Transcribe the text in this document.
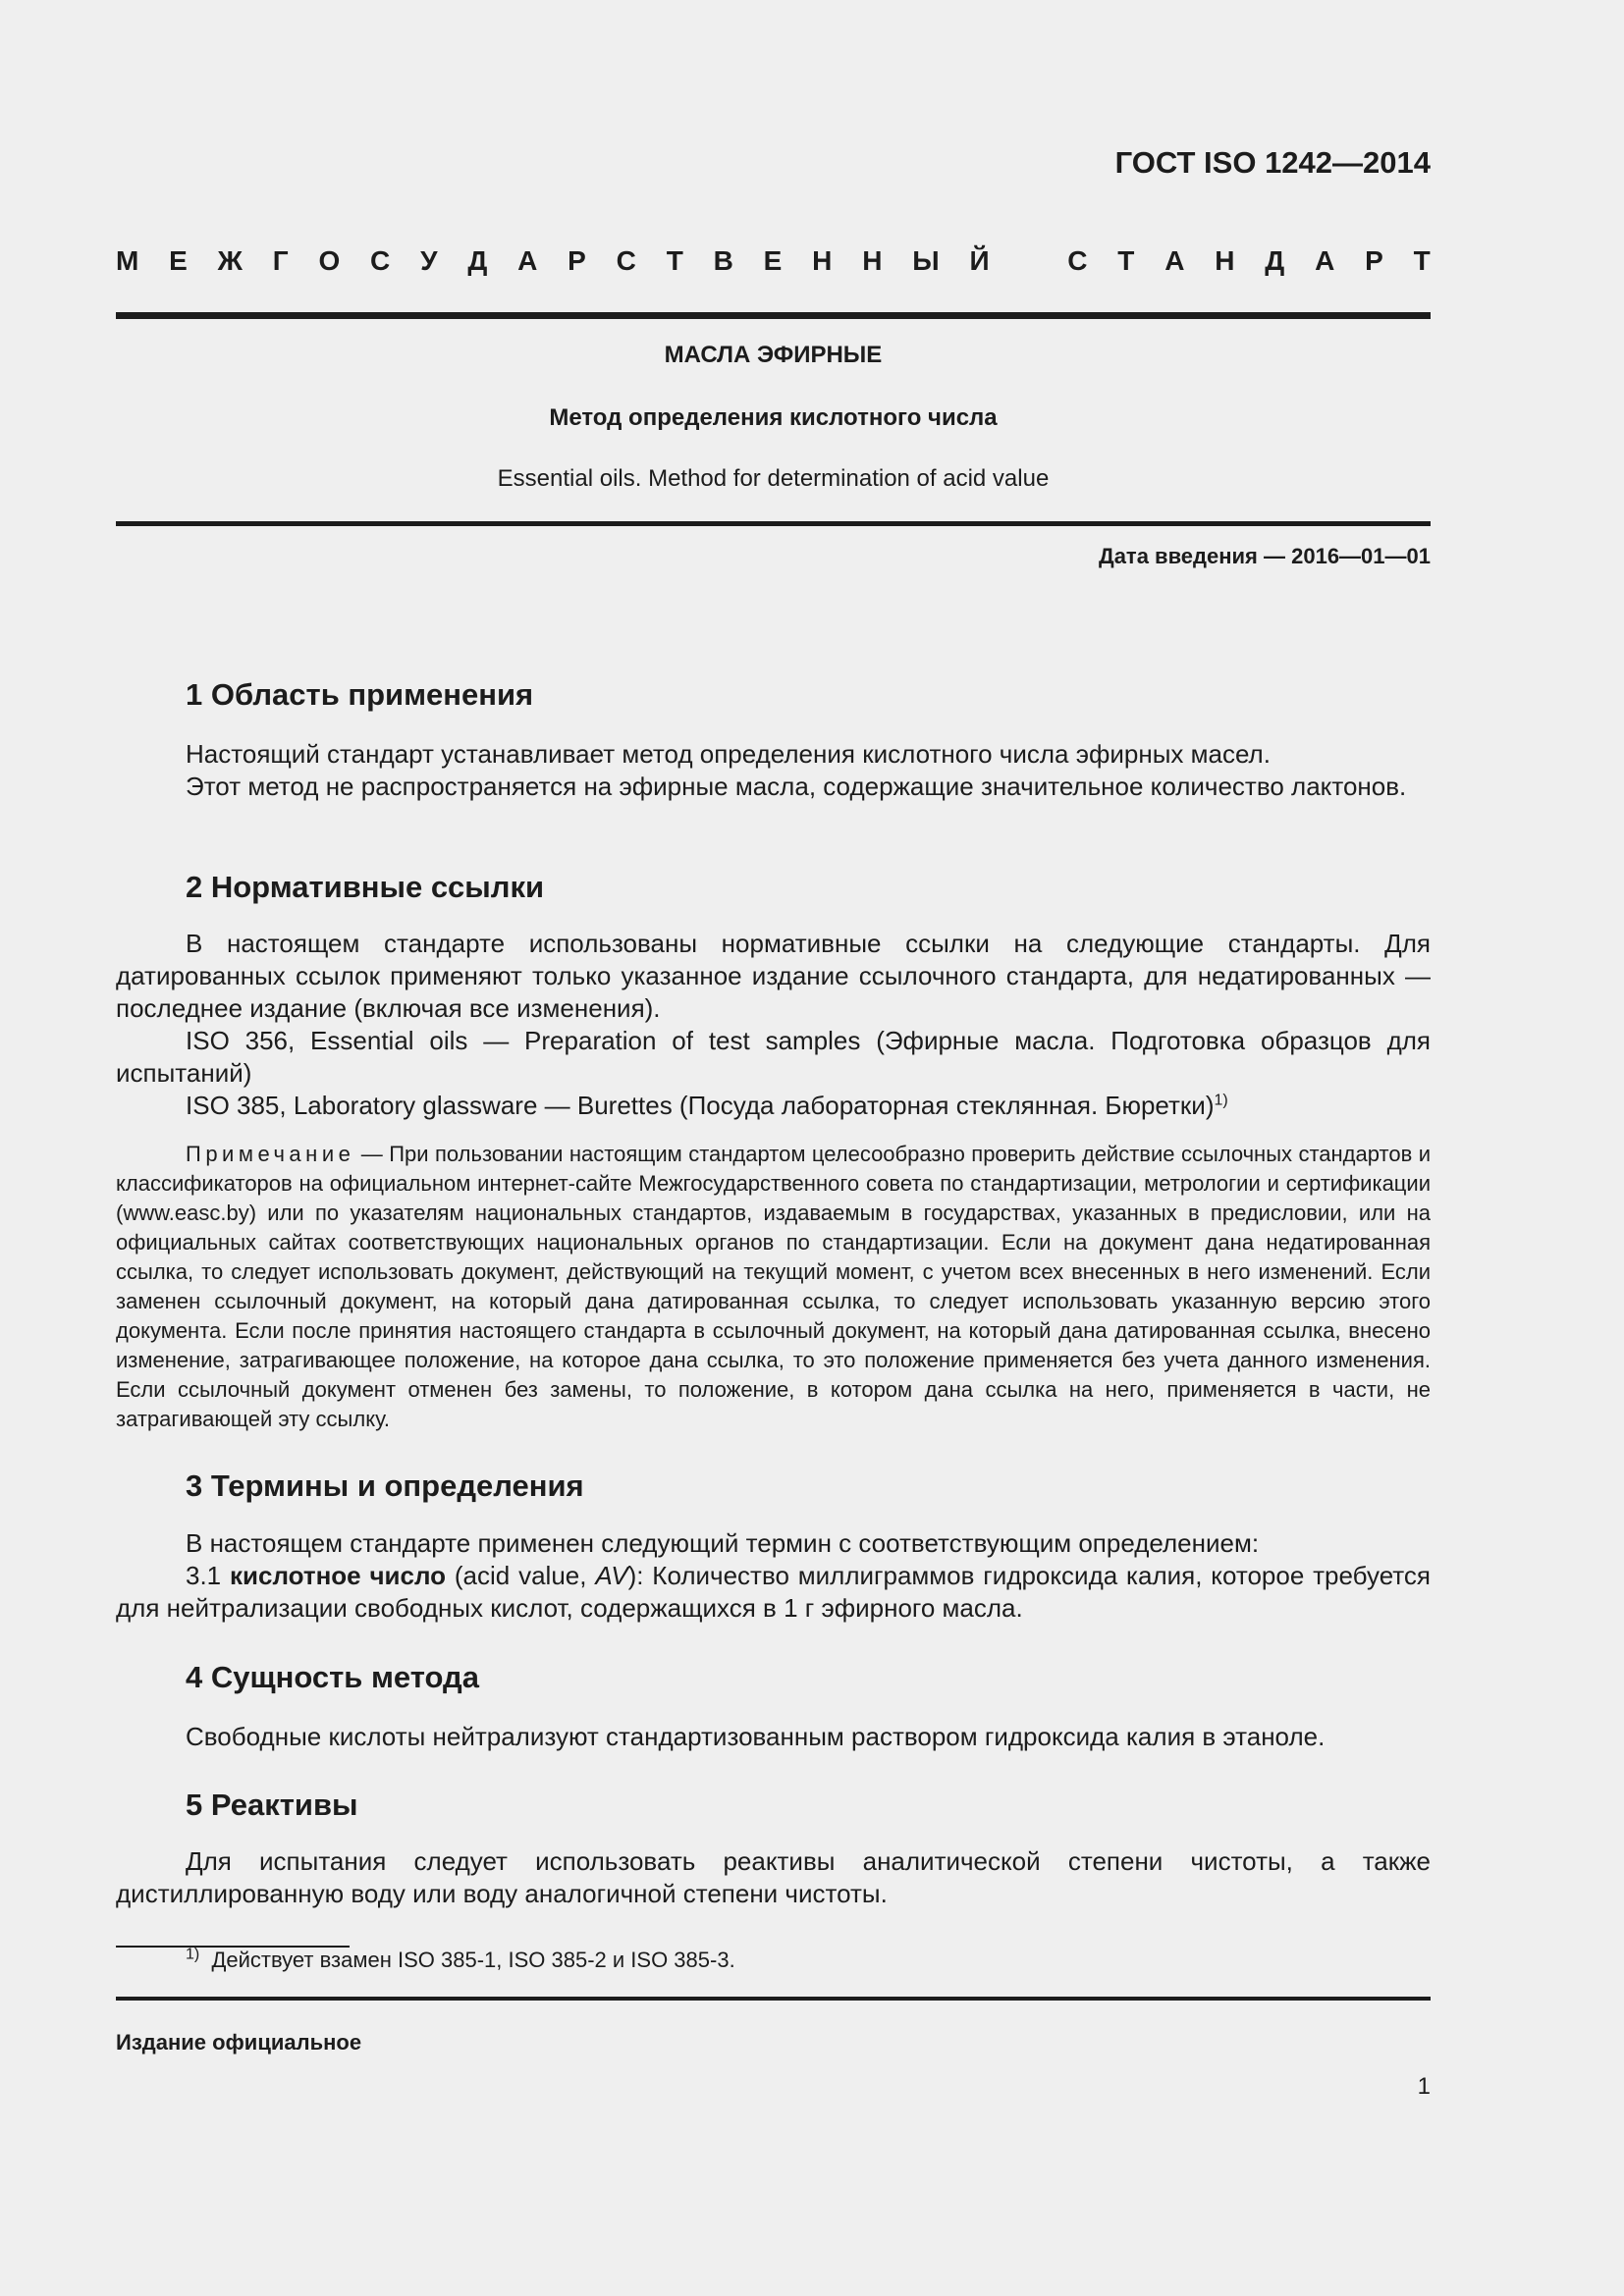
ГОСТ ISO 1242—2014
М Е Ж Г О С У Д А Р С Т В Е Н Н Ы Й	С Т А Н Д А Р Т
МАСЛА ЭФИРНЫЕ
Метод определения кислотного числа
Essential oils. Method for determination of acid value
Дата введения — 2016—01—01
1 Область применения
Настоящий стандарт устанавливает метод определения кислотного числа эфирных масел.
Этот метод не распространяется на эфирные масла, содержащие значительное количество лактонов.
2 Нормативные ссылки
В настоящем стандарте использованы нормативные ссылки на следующие стандарты. Для датированных ссылок применяют только указанное издание ссылочного стандарта, для недатированных — последнее издание (включая все изменения).
ISO 356, Essential oils — Preparation of test samples (Эфирные масла. Подготовка образцов для испытаний)
ISO 385, Laboratory glassware — Burettes (Посуда лабораторная стеклянная. Бюретки)$^{1)}$
Примечание — При пользовании настоящим стандартом целесообразно проверить действие ссылочных стандартов и классификаторов на официальном интернет-сайте Межгосударственного совета по стандартизации, метрологии и сертификации (www.easc.by) или по указателям национальных стандартов, издаваемым в государствах, указанных в предисловии, или на официальных сайтах соответствующих национальных органов по стандартизации. Если на документ дана недатированная ссылка, то следует использовать документ, действующий на текущий момент, с учетом всех внесенных в него изменений. Если заменен ссылочный документ, на который дана датированная ссылка, то следует использовать указанную версию этого документа. Если после принятия настоящего стандарта в ссылочный документ, на который дана датированная ссылка, внесено изменение, затрагивающее положение, на которое дана ссылка, то это положение применяется без учета данного изменения. Если ссылочный документ отменен без замены, то положение, в котором дана ссылка на него, применяется в части, не затрагивающей эту ссылку.
3 Термины и определения
В настоящем стандарте применен следующий термин с соответствующим определением:
3.1 кислотное число (acid value, AV): Количество миллиграммов гидроксида калия, которое требуется для нейтрализации свободных кислот, содержащихся в 1 г эфирного масла.
4 Сущность метода
Свободные кислоты нейтрализуют стандартизованным раствором гидроксида калия в этаноле.
5 Реактивы
Для испытания следует использовать реактивы аналитической степени чистоты, а также дистиллированную воду или воду аналогичной степени чистоты.
$^{1)}$ Действует взамен ISO 385-1, ISO 385-2 и ISO 385-3.
Издание официальное
1
